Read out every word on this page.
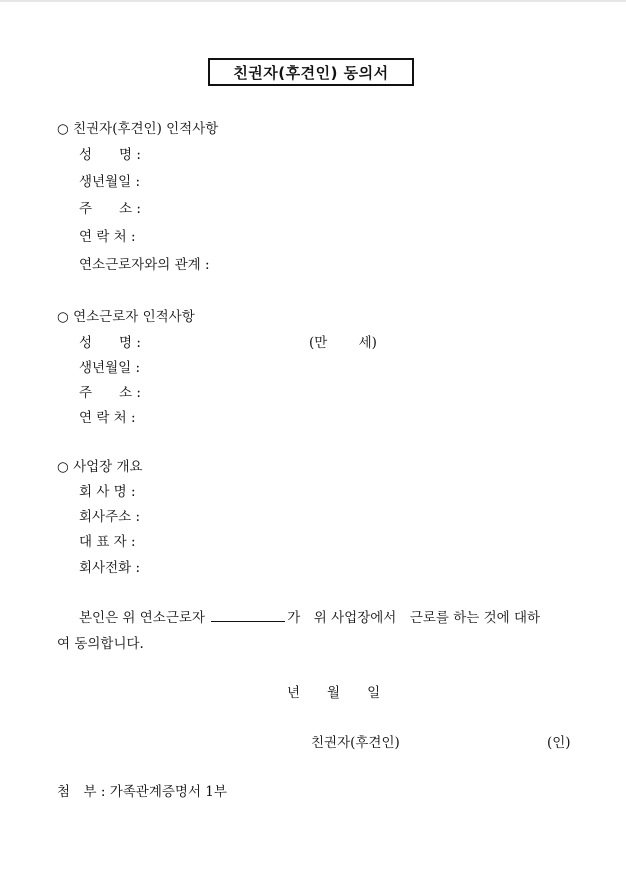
친권자(후견인) 동의서
○ 친권자(후견인) 인적사항
성　　명 :
생년월일 :
주　　소 :
연 락 처 :
연소근로자와의 관계 :
○ 연소근로자 인적사항
성　　명 :	(만　　 세)
생년월일 :
주　　소 :
연 락 처 :
○ 사업장 개요
회 사 명 :
회사주소 :
대 표 자 :
회사전화 :
본인은 위 연소근로자	가　위 사업장에서　근로를 하는 것에 대하
여 동의합니다.
년　　월　　일
친권자(후견인)	(인)
첨　부 : 가족관계증명서 1부
